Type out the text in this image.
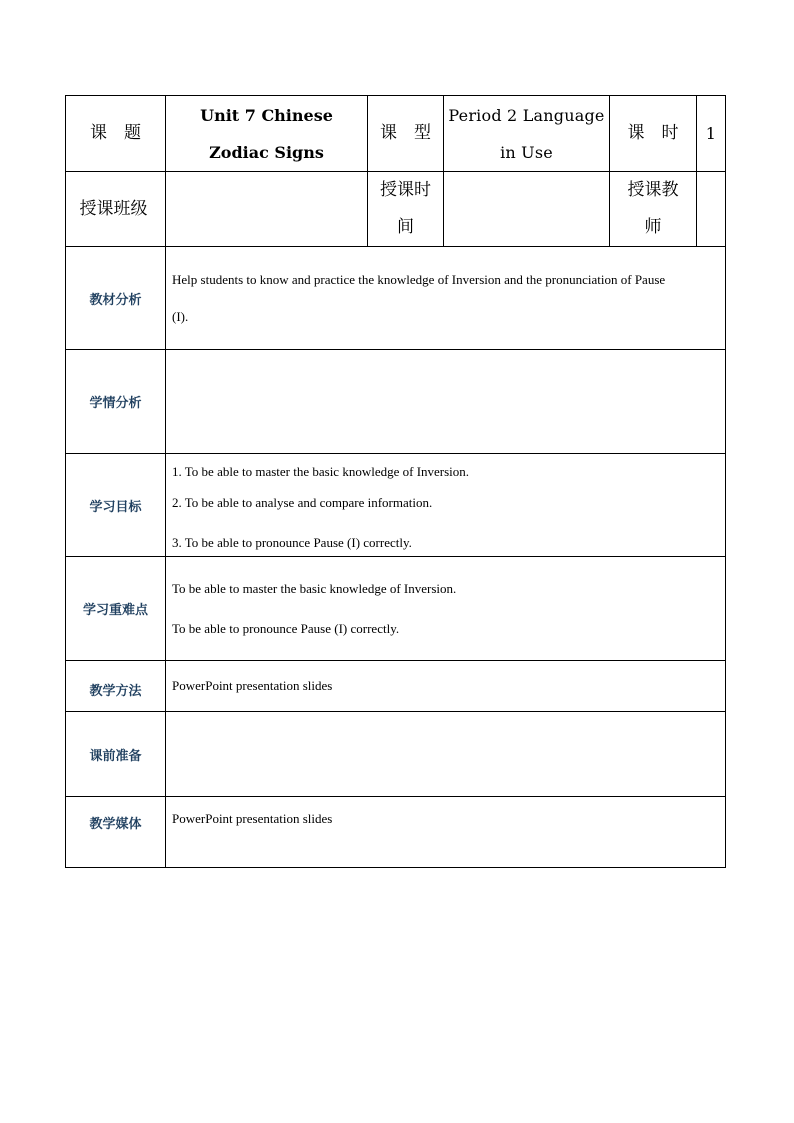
课　题	Unit 7 Chinese Zodiac Signs	课　型	Period 2 Language in Use	课　时	1
授课班级		授课时间		授课教师	
教材分析	Help students to know and practice the knowledge of Inversion and the pronunciation of Pause

(I).				

学情分析					
学习目标	1. To be able to master the basic knowledge of Inversion.

2. To be able to analyse and compare information.

3. To be able to pronounce Pause (I) correctly.				

学习重难点	To be able to master the basic knowledge of Inversion.

To be able to pronounce Pause (I) correctly.				

教学方法	PowerPoint presentation slides				
课前准备					
教学媒体	PowerPoint presentation slides				
